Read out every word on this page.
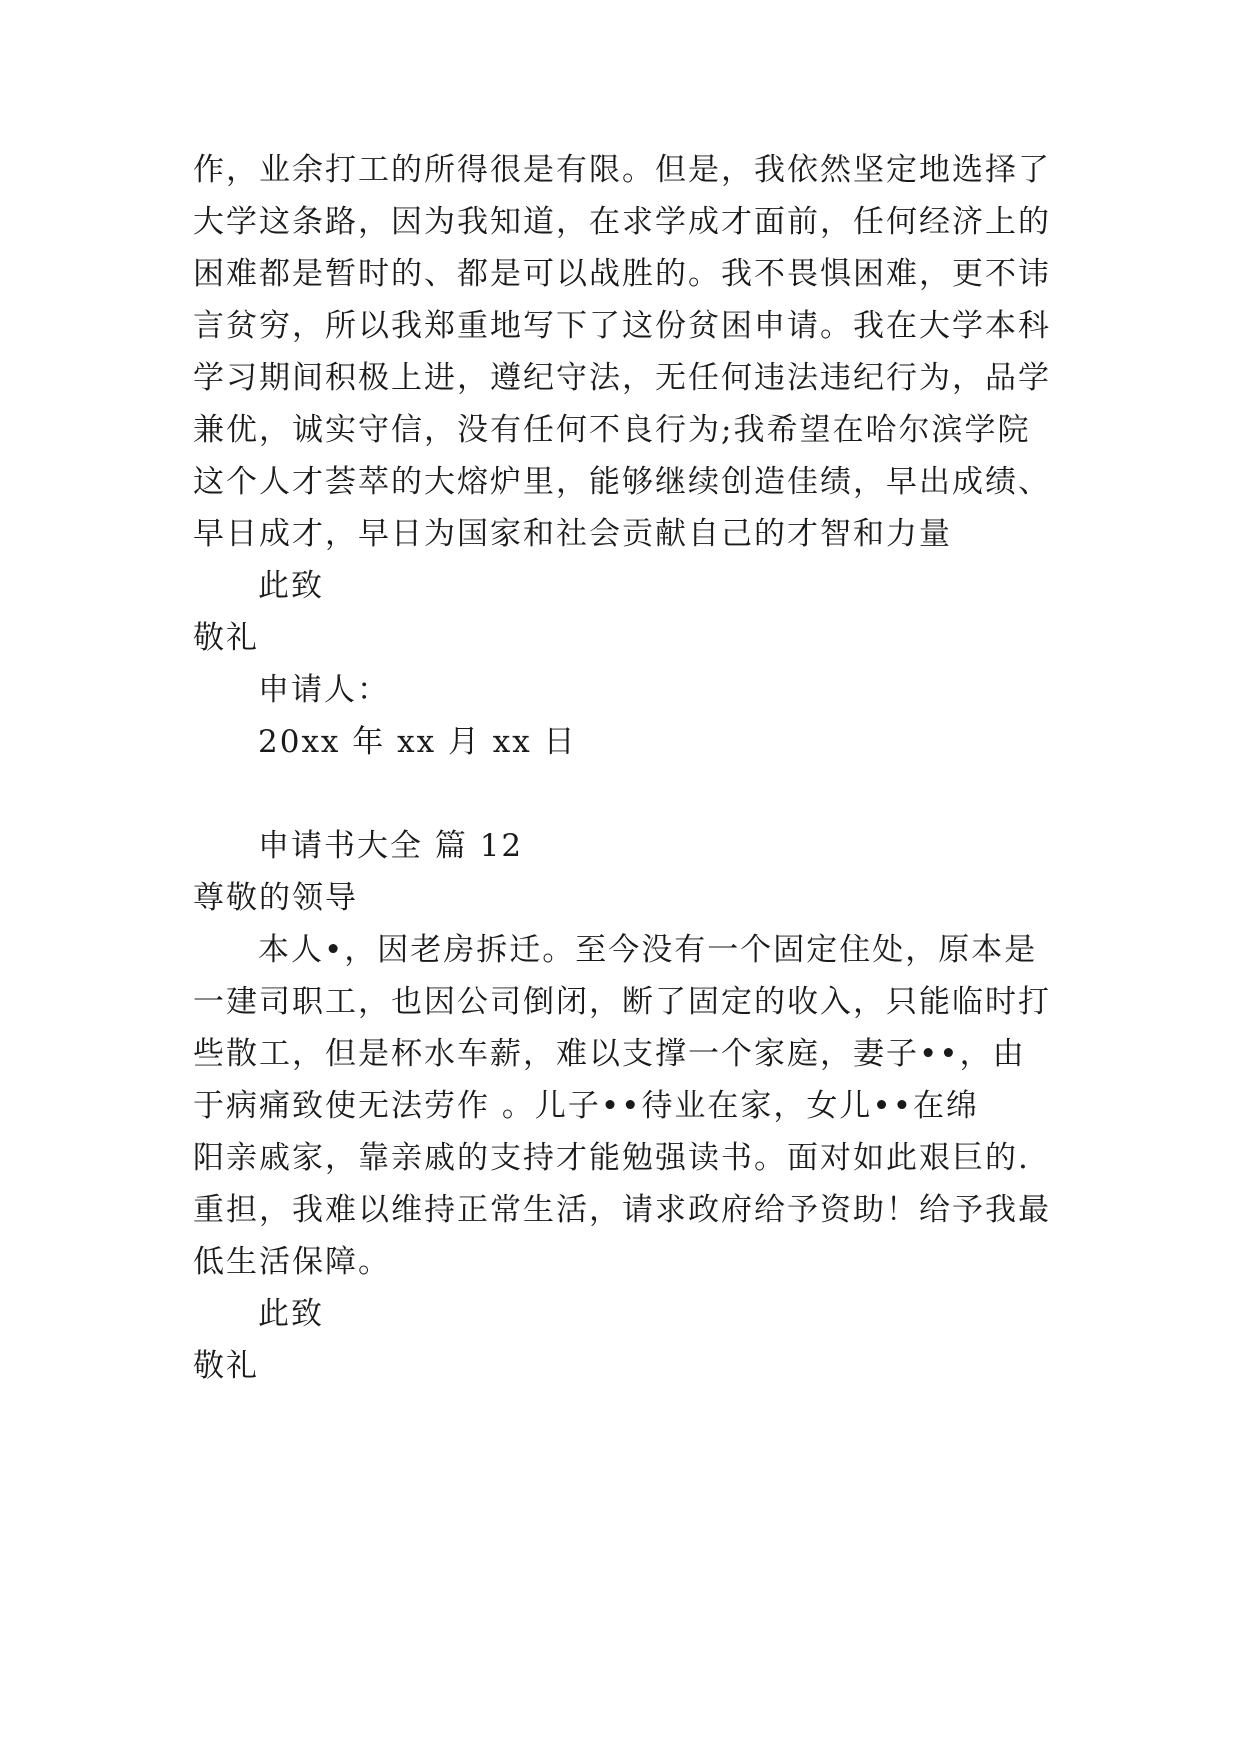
作，业余打工的所得很是有限。但是，我依然坚定地选择了
大学这条路，因为我知道，在求学成才面前，任何经济上的
困难都是暂时的、都是可以战胜的。我不畏惧困难，更不讳
言贫穷，所以我郑重地写下了这份贫困申请。我在大学本科
学习期间积极上进，遵纪守法，无任何违法违纪行为，品学
兼优，诚实守信，没有任何不良行为;我希望在哈尔滨学院
这个人才荟萃的大熔炉里，能够继续创造佳绩，早出成绩、
早日成才，早日为国家和社会贡献自己的才智和力量
此致
敬礼
申请人：
20xx 年 xx 月 xx 日
申请书大全 篇 12
尊敬的领导
本人•，因老房拆迁。至今没有一个固定住处，原本是
一建司职工，也因公司倒闭，断了固定的收入，只能临时打
些散工，但是杯水车薪，难以支撑一个家庭，妻子••，由
于病痛致使无法劳作 。儿子••待业在家，女儿••在绵
阳亲戚家，靠亲戚的支持才能勉强读书。面对如此艰巨的.
重担，我难以维持正常生活，请求政府给予资助！给予我最
低生活保障。
此致
敬礼
